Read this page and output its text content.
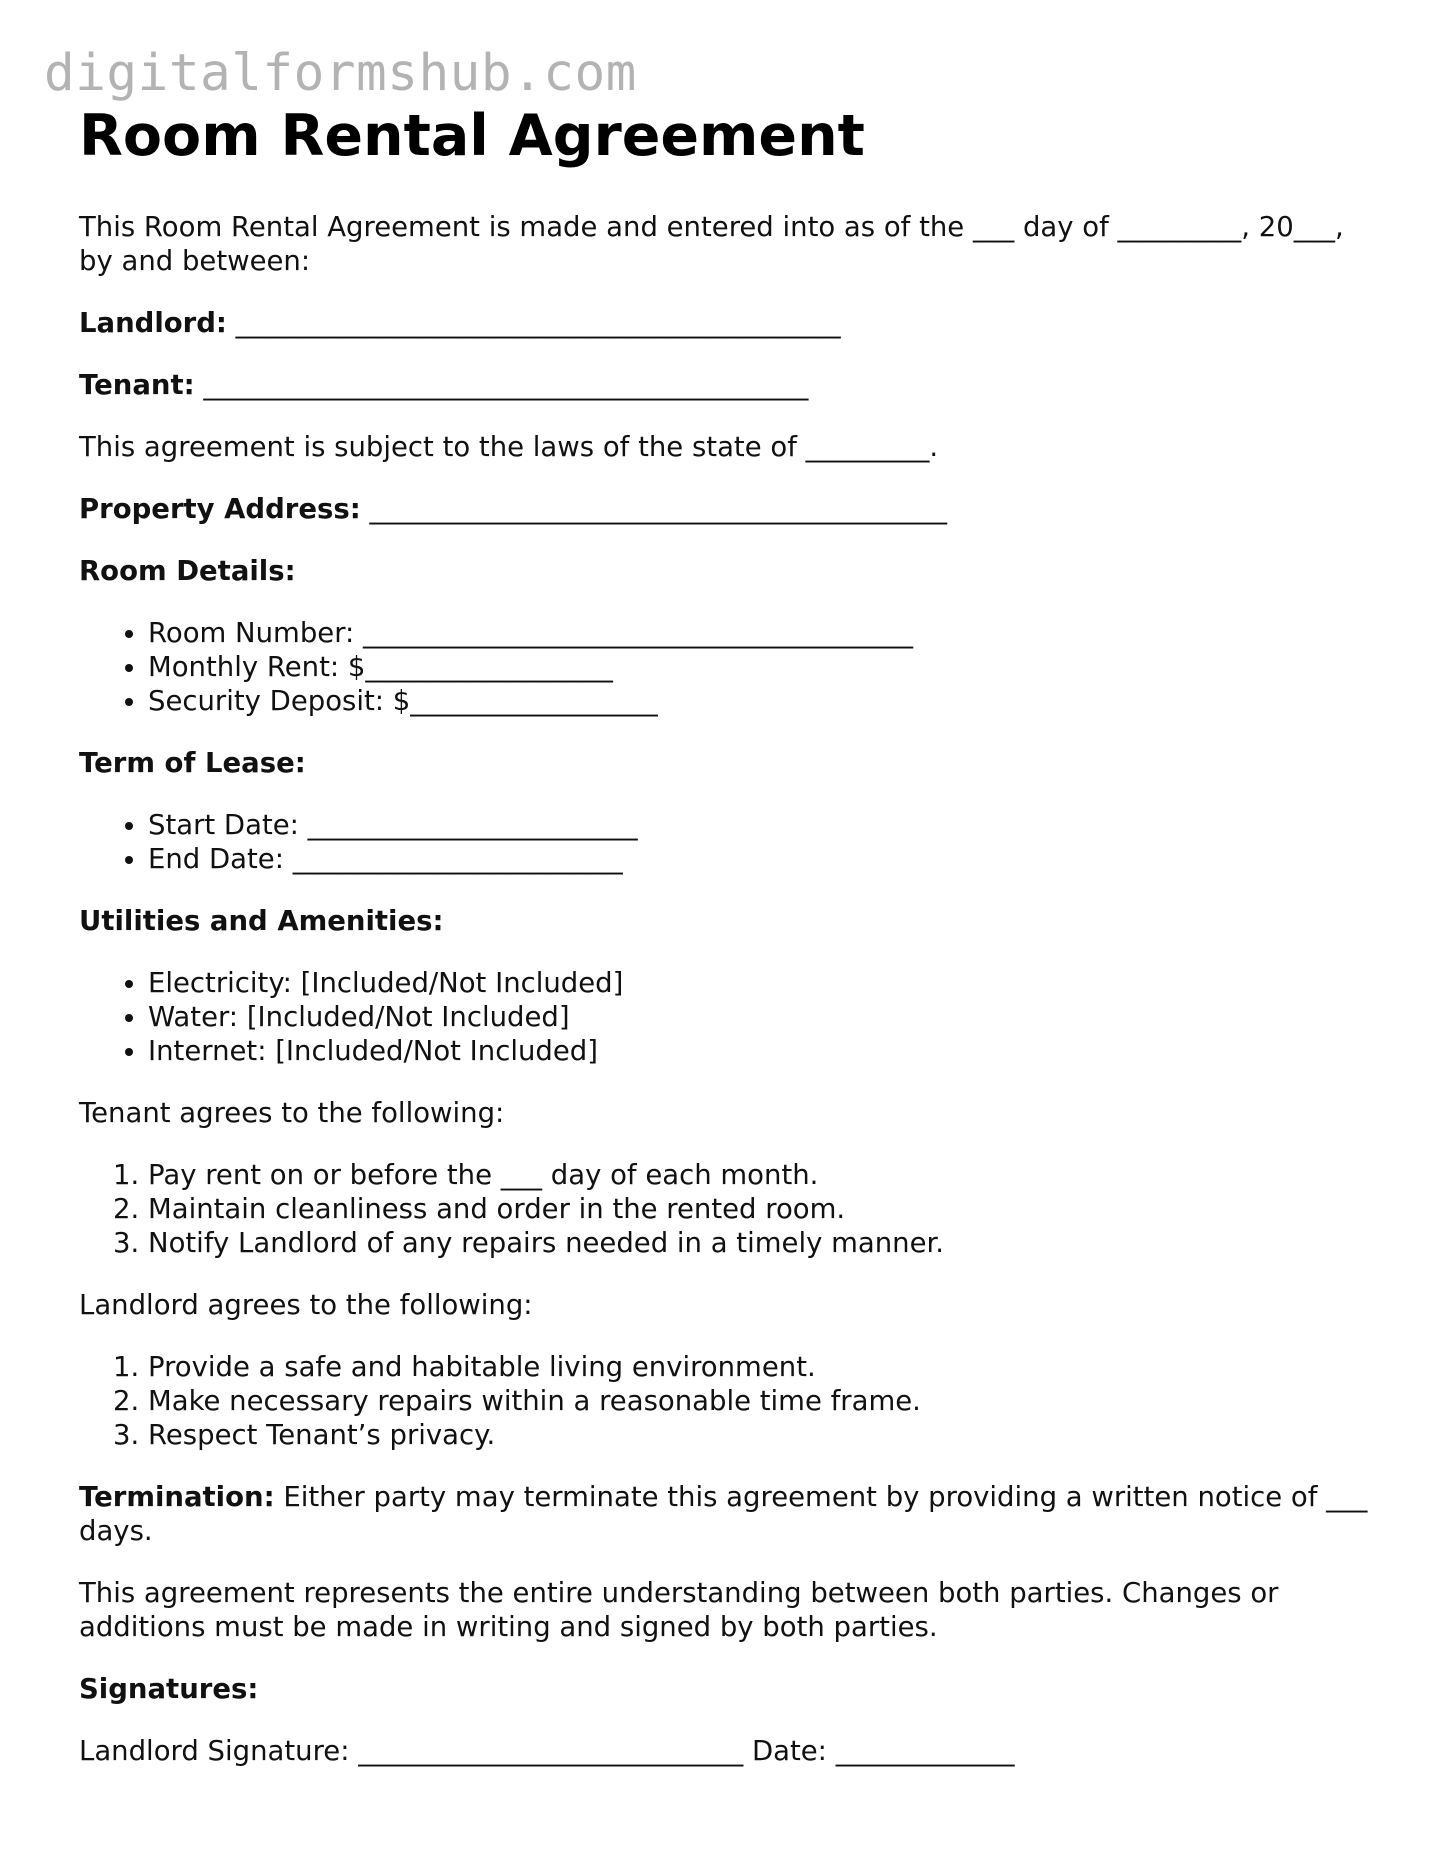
digitalformshub.com
Room Rental Agreement

This Room Rental Agreement is made and entered into as of the ___ day of _________, 20___, by and between:

Landlord: ____________________________________________

Tenant: ____________________________________________

This agreement is subject to the laws of the state of _________.

Property Address: __________________________________________

Room Details:

• Room Number: ________________________________________
• Monthly Rent: $__________________
• Security Deposit: $__________________

Term of Lease:

• Start Date: ________________________
• End Date: ________________________

Utilities and Amenities:

• Electricity: [Included/Not Included]
• Water: [Included/Not Included]
• Internet: [Included/Not Included]

Tenant agrees to the following:

1. Pay rent on or before the ___ day of each month.
2. Maintain cleanliness and order in the rented room.
3. Notify Landlord of any repairs needed in a timely manner.

Landlord agrees to the following:

1. Provide a safe and habitable living environment.
2. Make necessary repairs within a reasonable time frame.
3. Respect Tenant’s privacy.

Termination: Either party may terminate this agreement by providing a written notice of ___ days.

This agreement represents the entire understanding between both parties. Changes or additions must be made in writing and signed by both parties.

Signatures:

Landlord Signature: ____________________________ Date: _____________
